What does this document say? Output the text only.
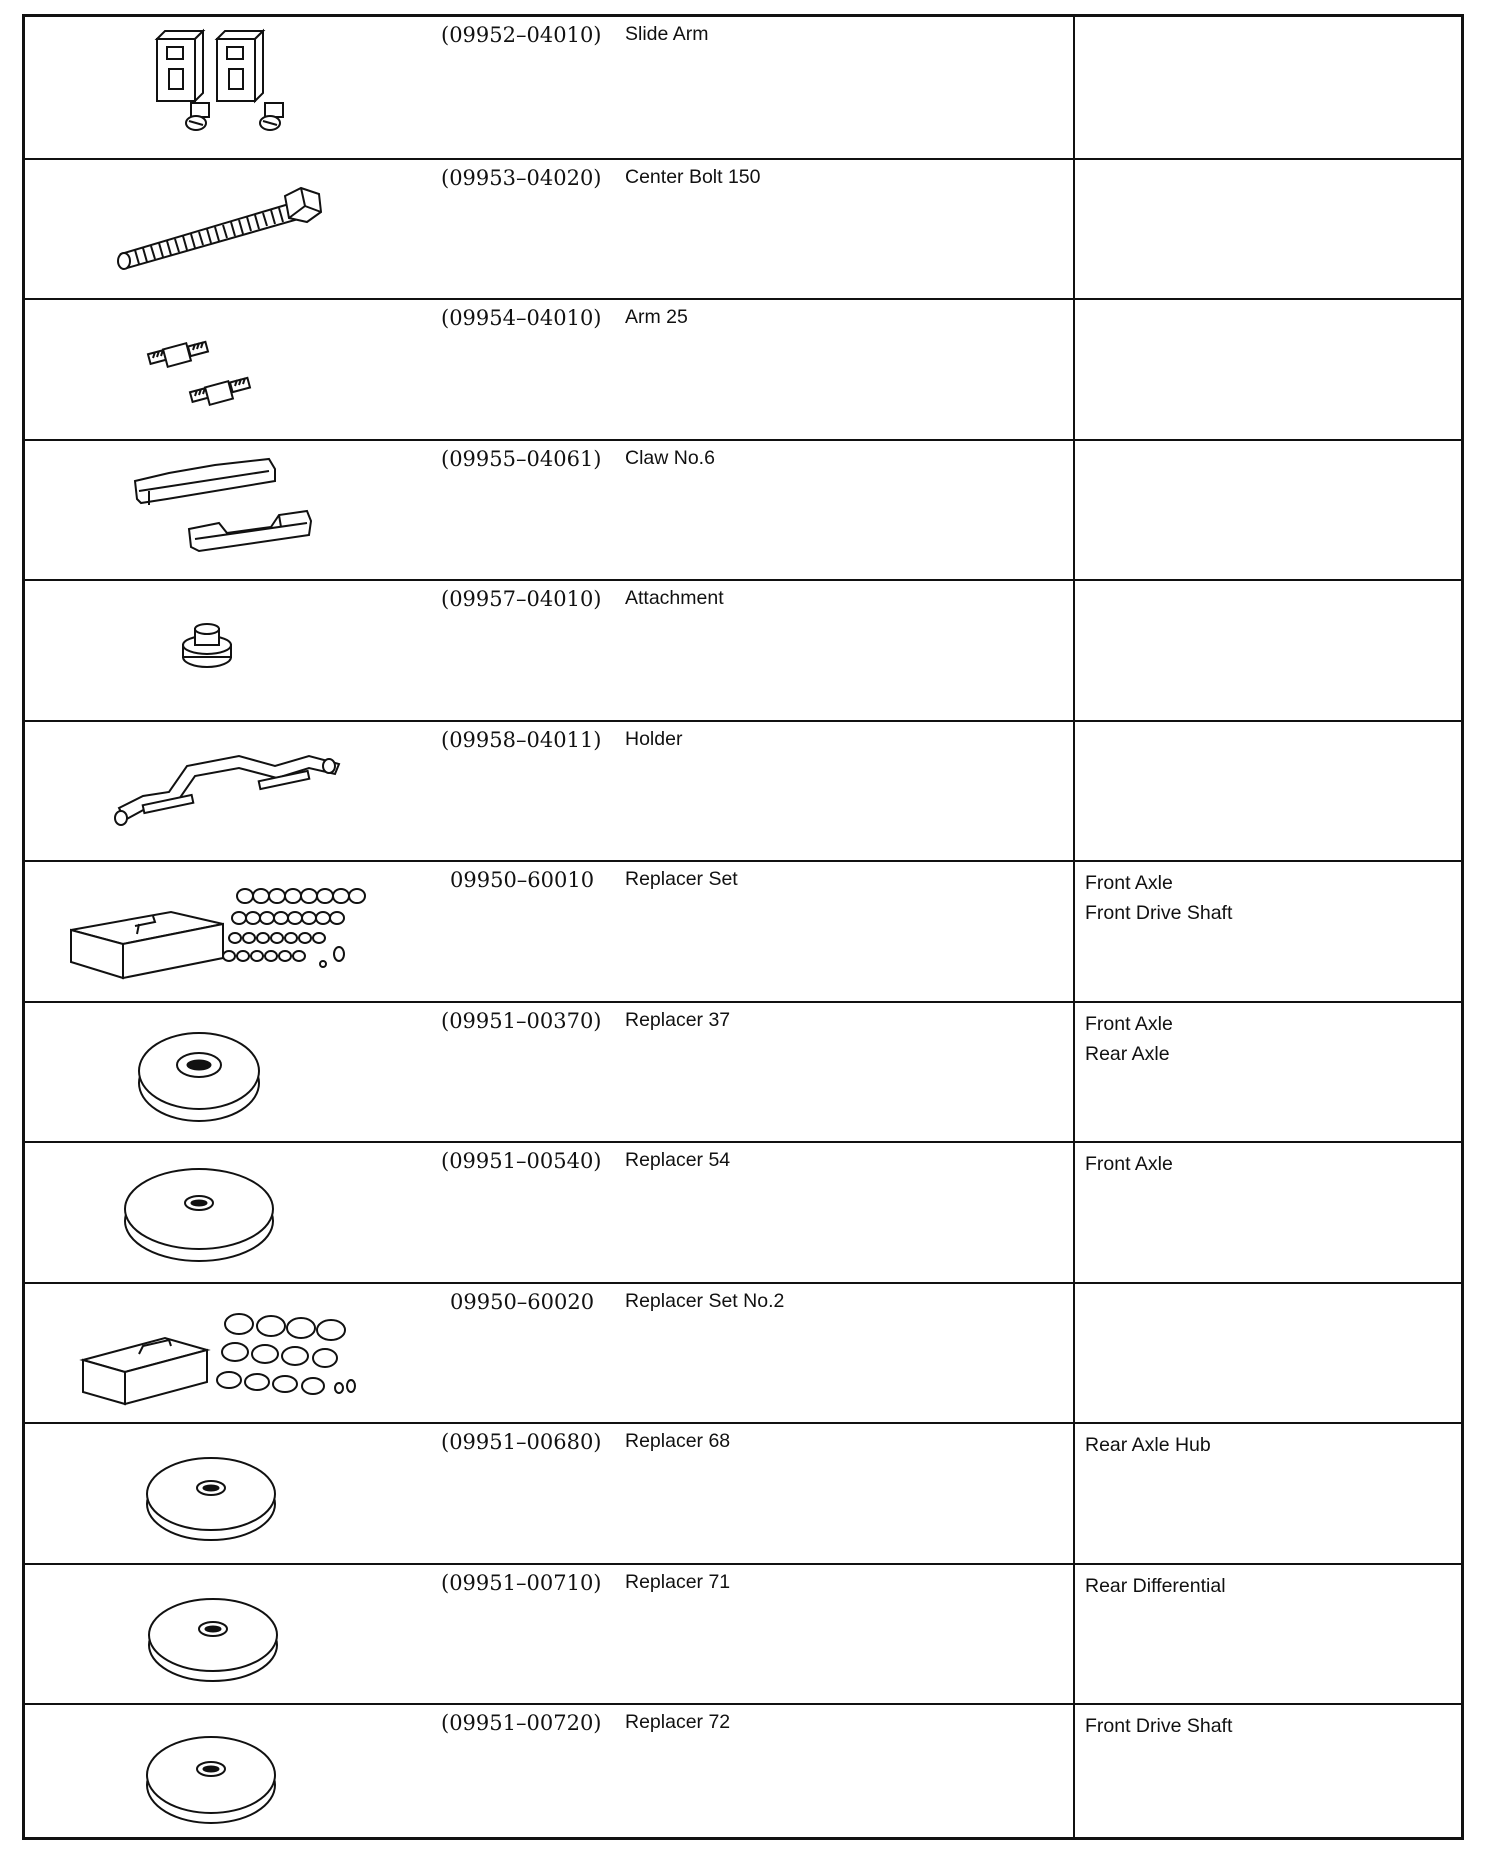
(09952–04010)	Slide Arm
(09953–04020)	Center Bolt 150
(09954–04010)	Arm 25
(09955–04061)	Claw No.6
(09957–04010)	Attachment
(09958–04011)	Holder
09950–60010	Replacer Set	Front Axle
Front Drive Shaft
(09951–00370)	Replacer 37	Front Axle
Rear Axle
(09951–00540)	Replacer 54	Front Axle
09950–60020	Replacer Set No.2
(09951–00680)	Replacer 68	Rear Axle Hub
(09951–00710)	Replacer 71	Rear Differential
(09951–00720)	Replacer 72	Front Drive Shaft
